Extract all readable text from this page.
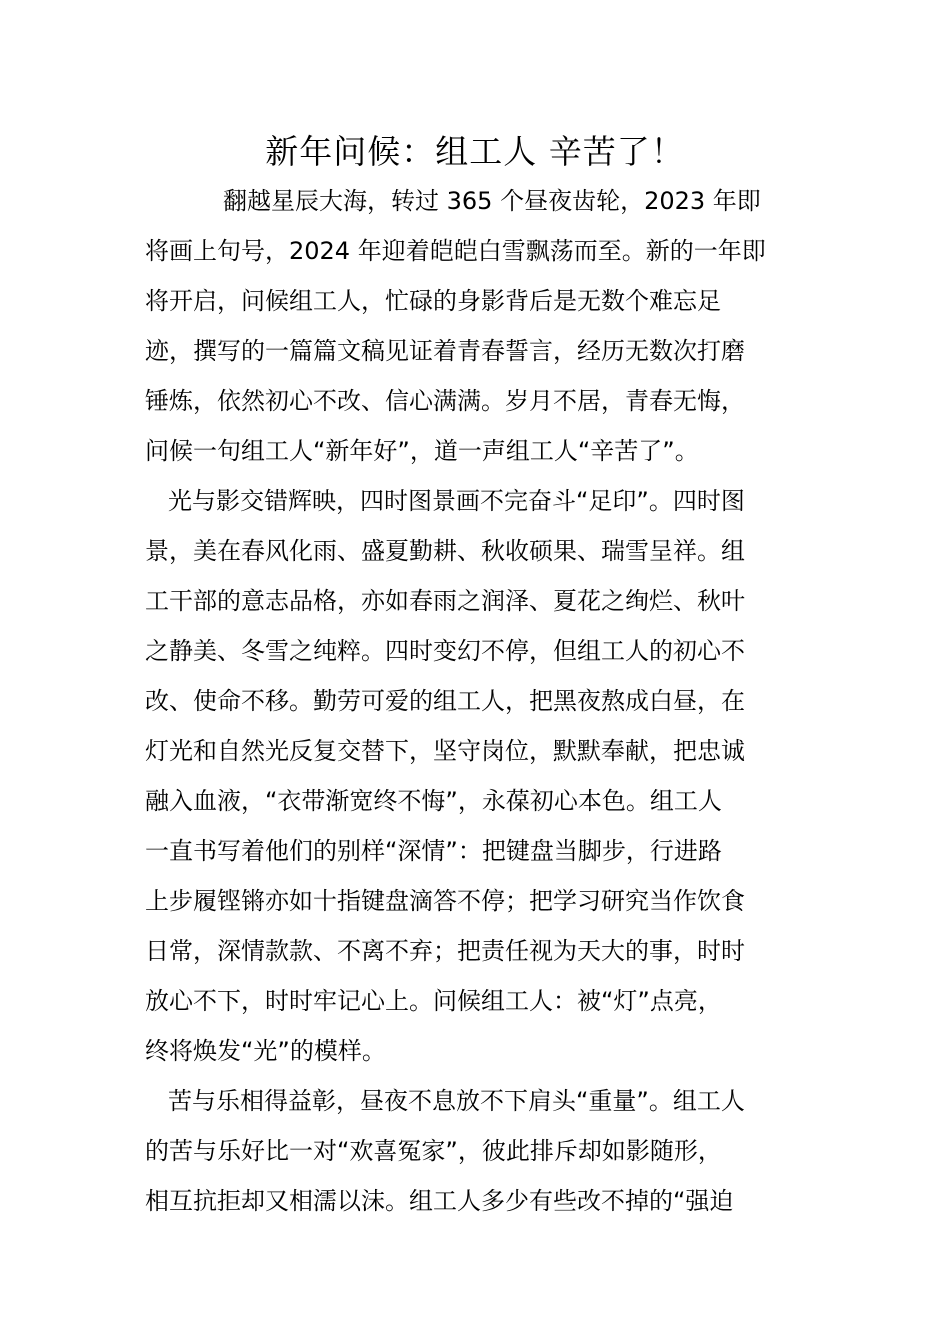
新年问候：组工人 辛苦了！
翻越星辰大海，转过 365 个昼夜齿轮，2023 年即
将画上句号，2024 年迎着皑皑白雪飘荡而至。新的一年即
将开启，问候组工人，忙碌的身影背后是无数个难忘足
迹，撰写的一篇篇文稿见证着青春誓言，经历无数次打磨
锤炼，依然初心不改、信心满满。岁月不居，青春无悔，
问候一句组工人“新年好”，道一声组工人“辛苦了”。
光与影交错辉映，四时图景画不完奋斗“足印”。四时图
景，美在春风化雨、盛夏勤耕、秋收硕果、瑞雪呈祥。组
工干部的意志品格，亦如春雨之润泽、夏花之绚烂、秋叶
之静美、冬雪之纯粹。四时变幻不停，但组工人的初心不
改、使命不移。勤劳可爱的组工人，把黑夜熬成白昼，在
灯光和自然光反复交替下，坚守岗位，默默奉献，把忠诚
融入血液，“衣带渐宽终不悔”，永葆初心本色。组工人
一直书写着他们的别样“深情”：把键盘当脚步，行进路
上步履铿锵亦如十指键盘滴答不停；把学习研究当作饮食
日常，深情款款、不离不弃；把责任视为天大的事，时时
放心不下，时时牢记心上。问候组工人：被“灯”点亮，
终将焕发“光”的模样。
苦与乐相得益彰，昼夜不息放不下肩头“重量”。组工人
的苦与乐好比一对“欢喜冤家”，彼此排斥却如影随形，
相互抗拒却又相濡以沫。组工人多少有些改不掉的“强迫
